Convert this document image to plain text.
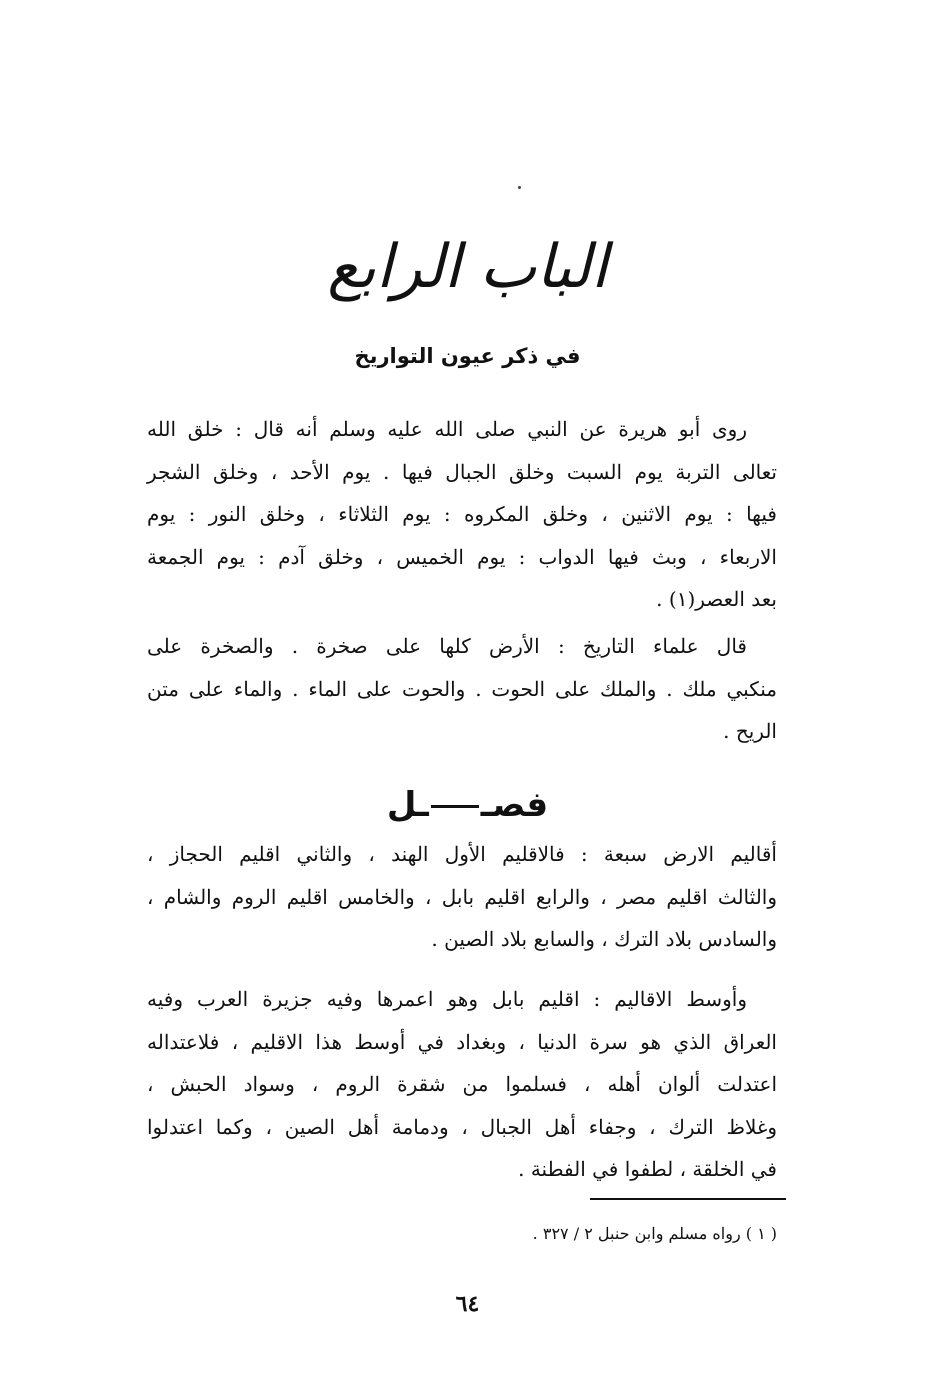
الباب الرابع
في ذكر عيون التواريخ
روى أبو هريرة عن النبي صلى الله عليه وسلم أنه قال : خلق الله
تعالى التربة يوم السبت وخلق الجبال فيها . يوم الأحد ، وخلق الشجر
فيها : يوم الاثنين ، وخلق المكروه : يوم الثلاثاء ، وخلق النور : يوم
الاربعاء ، وبث فيها الدواب : يوم الخميس ، وخلق آدم : يوم الجمعة
بعد العصر(١) .
قال علماء التاريخ : الأرض كلها على صخرة . والصخرة على
منكبي ملك . والملك على الحوت . والحوت على الماء . والماء على متن
الريح .
فصــل
أقاليم الارض سبعة : فالاقليم الأول الهند ، والثاني اقليم الحجاز ،
والثالث اقليم مصر ، والرابع اقليم بابل ، والخامس اقليم الروم والشام ،
والسادس بلاد الترك ، والسابع بلاد الصين .
وأوسط الاقاليم : اقليم بابل وهو اعمرها وفيه جزيرة العرب وفيه
العراق الذي هو سرة الدنيا ، وبغداد في أوسط هذا الاقليم ، فلاعتداله
اعتدلت ألوان أهله ، فسلموا من شقرة الروم ، وسواد الحبش ،
وغلاظ الترك ، وجفاء أهل الجبال ، ودمامة أهل الصين ، وكما اعتدلوا
في الخلقة ، لطفوا في الفطنة .
( ١ ) رواه مسلم وابن حنبل ٢ / ٣٢٧ .
٦٤
